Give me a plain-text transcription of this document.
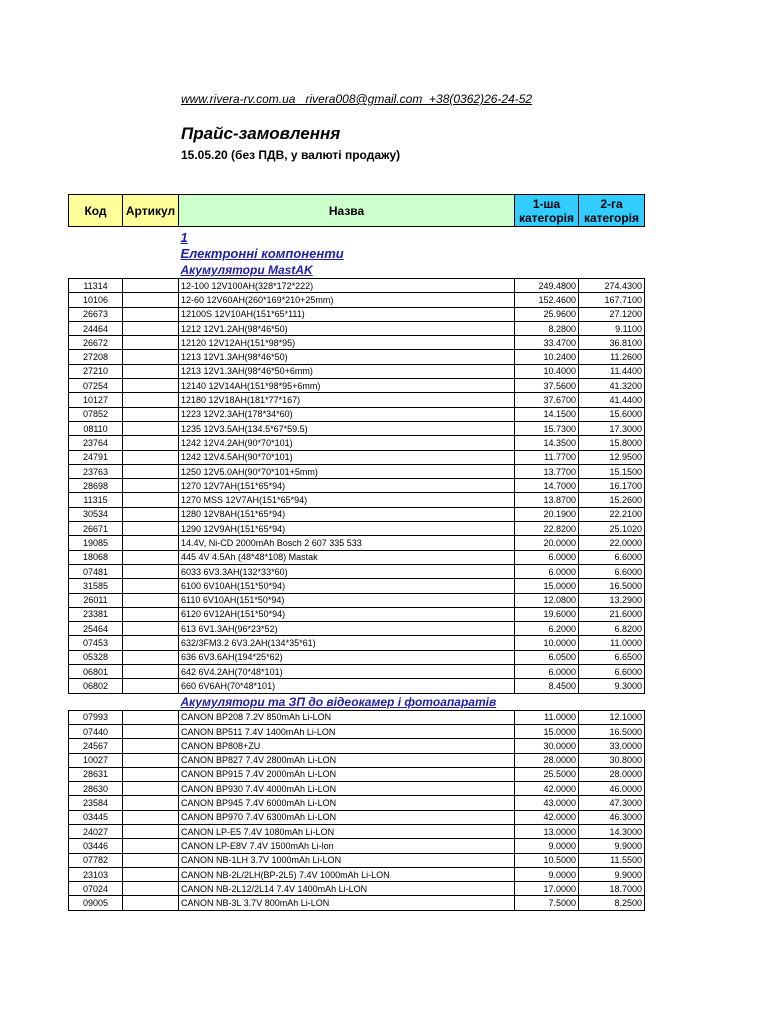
www.rivera-rv.com.ua   rivera008@gmail.com  +38(0362)26-24-52
Прайс-замовлення
15.05.20 (без ПДВ, у валюті продажу)
Код	Артикул	Назва	1-ша категорія	2-га категорія
		1		
		Електронні компоненти		
		Акумулятори MastAK		
11314		12-100 12V100AH(328*172*222)	249.4800	274.4300
10106		12-60 12V60AH(260*169*210+25mm)	152.4600	167.7100
26673		12100S 12V10AH(151*65*111)	25.9600	27.1200
24464		1212 12V1.2AH(98*46*50)	8.2800	9.1100
26672		12120 12V12AH(151*98*95)	33.4700	36.8100
27208		1213 12V1.3AH(98*46*50)	10.2400	11.2600
27210		1213 12V1.3AH(98*46*50+6mm)	10.4000	11.4400
07254		12140 12V14AH(151*98*95+6mm)	37.5600	41.3200
10127		12180 12V18AH(181*77*167)	37.6700	41.4400
07852		1223 12V2.3AH(178*34*60)	14.1500	15.6000
08110		1235 12V3.5AH(134.5*67*59.5)	15.7300	17.3000
23764		1242 12V4.2AH(90*70*101)	14.3500	15.8000
24791		1242 12V4.5AH(90*70*101)	11.7700	12.9500
23763		1250 12V5.0AH(90*70*101+5mm)	13.7700	15.1500
28698		1270 12V7AH(151*65*94)	14.7000	16.1700
11315		1270 MSS 12V7AH(151*65*94)	13.8700	15.2600
30534		1280 12V8AH(151*65*94)	20.1900	22.2100
26671		1290 12V9AH(151*65*94)	22.8200	25.1020
19085		14.4V, Ni-CD 2000mAh Bosch 2 607 335 533	20.0000	22.0000
18068		445 4V 4.5Ah (48*48*108) Mastak	6.0000	6.6000
07481		6033 6V3.3AH(132*33*60)	6.0000	6.6000
31585		6100 6V10AH(151*50*94)	15.0000	16.5000
26011		6110 6V10AH(151*50*94)	12.0800	13.2900
23381		6120 6V12AH(151*50*94)	19.6000	21.6000
25464		613 6V1.3AH(96*23*52)	6.2000	6.8200
07453		632/3FM3.2 6V3.2AH(134*35*61)	10.0000	11.0000
05328		636 6V3.6AH(194*25*62)	6.0500	6.6500
06801		642 6V4.2AH(70*48*101)	6.0000	6.6000
06802		660 6V6AH(70*48*101)	8.4500	9.3000
		Акумулятори та ЗП до відеокамер і фотоапаратів		
07993		CANON BP208 7.2V 850mAh Li-LON	11.0000	12.1000
07440		CANON BP511 7.4V 1400mAh Li-LON	15.0000	16.5000
24567		CANON BP808+ZU	30.0000	33.0000
10027		CANON BP827 7.4V 2800mAh Li-LON	28.0000	30.8000
28631		CANON BP915 7.4V 2000mAh Li-LON	25.5000	28.0000
28630		CANON BP930 7.4V 4000mAh Li-LON	42.0000	46.0000
23584		CANON BP945 7.4V 6000mAh Li-LON	43.0000	47.3000
03445		CANON BP970 7.4V 6300mAh Li-LON	42.0000	46.3000
24027		CANON LP-E5 7.4V 1080mAh Li-LON	13.0000	14.3000
03446		CANON LP-E8V 7.4V 1500mAh Li-lon	9.0000	9.9000
07782		CANON NB-1LH 3.7V 1000mAh Li-LON	10.5000	11.5500
23103		CANON NB-2L/2LH(BP-2L5) 7.4V 1000mAh Li-LON	9.0000	9.9000
07024		CANON NB-2L12/2L14 7.4V 1400mAh Li-LON	17.0000	18.7000
09005		CANON NB-3L 3.7V 800mAh Li-LON	7.5000	8.2500
